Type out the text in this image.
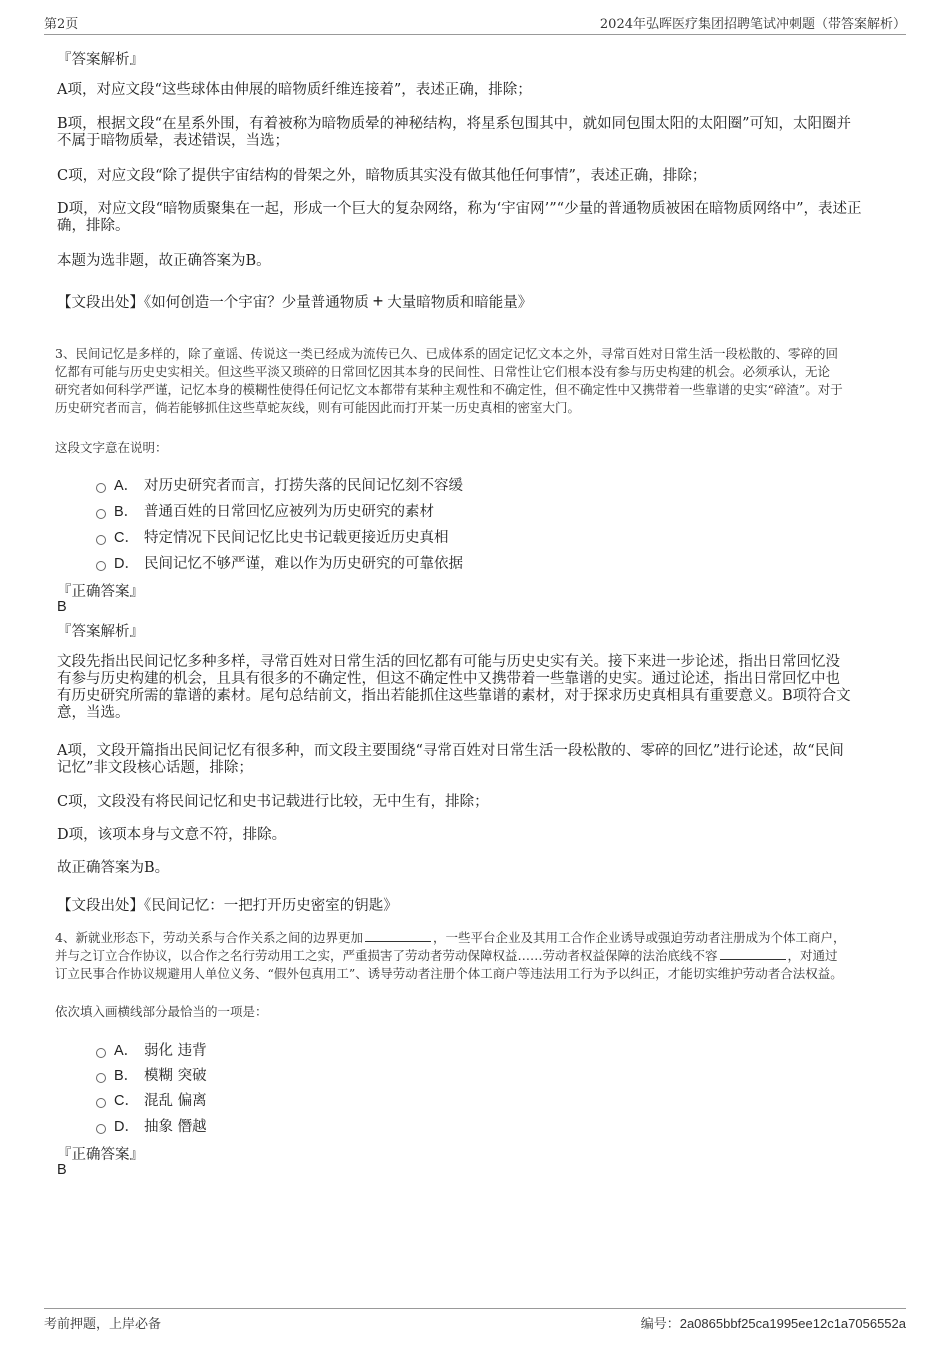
第2页	2024年弘晖医疗集团招聘笔试冲刺题（带答案解析）
『答案解析』
A项，对应文段“这些球体由伸展的暗物质纤维连接着”，表述正确，排除；
B项，根据文段“在星系外围，有着被称为暗物质晕的神秘结构，将星系包围其中，就如同包围太阳的太阳圈”可知，太阳圈并
不属于暗物质晕，表述错误，当选；
C项，对应文段“除了提供宇宙结构的骨架之外，暗物质其实没有做其他任何事情”，表述正确，排除；
D项，对应文段“暗物质聚集在一起，形成一个巨大的复杂网络，称为‘宇宙网’”“少量的普通物质被困在暗物质网络中”，表述正
确，排除。
本题为选非题，故正确答案为B。
【文段出处】《如何创造一个宇宙？少量普通物质 + 大量暗物质和暗能量》
3、民间记忆是多样的，除了童谣、传说这一类已经成为流传已久、已成体系的固定记忆文本之外，寻常百姓对日常生活一段松散的、零碎的回
忆都有可能与历史史实相关。但这些平淡又琐碎的日常回忆因其本身的民间性、日常性让它们根本没有参与历史构建的机会。必须承认，无论
研究者如何科学严谨，记忆本身的模糊性使得任何记忆文本都带有某种主观性和不确定性，但不确定性中又携带着一些靠谱的史实“碎渣”。对于
历史研究者而言，倘若能够抓住这些草蛇灰线，则有可能因此而打开某一历史真相的密室大门。
这段文字意在说明：
A． 对历史研究者而言，打捞失落的民间记忆刻不容缓
B． 普通百姓的日常回忆应被列为历史研究的素材
C． 特定情况下民间记忆比史书记载更接近历史真相
D． 民间记忆不够严谨，难以作为历史研究的可靠依据
『正确答案』
B
『答案解析』
文段先指出民间记忆多种多样，寻常百姓对日常生活的回忆都有可能与历史史实有关。接下来进一步论述，指出日常回忆没
有参与历史构建的机会，且具有很多的不确定性，但这不确定性中又携带着一些靠谱的史实。通过论述，指出日常回忆中也
有历史研究所需的靠谱的素材。尾句总结前文，指出若能抓住这些靠谱的素材，对于探求历史真相具有重要意义。B项符合文
意，当选。
A项，文段开篇指出民间记忆有很多种，而文段主要围绕“寻常百姓对日常生活一段松散的、零碎的回忆”进行论述，故“民间
记忆”非文段核心话题，排除；
C项，文段没有将民间记忆和史书记载进行比较，无中生有，排除；
D项，该项本身与文意不符，排除。
故正确答案为B。
【文段出处】《民间记忆：一把打开历史密室的钥匙》
4、新就业形态下，劳动关系与合作关系之间的边界更加	，一些平台企业及其用工合作企业诱导或强迫劳动者注册成为个体工商户，
并与之订立合作协议，以合作之名行劳动用工之实，严重损害了劳动者劳动保障权益……劳动者权益保障的法治底线不容	，对通过
订立民事合作协议规避用人单位义务、“假外包真用工”、诱导劳动者注册个体工商户等违法用工行为予以纠正，才能切实维护劳动者合法权益。
依次填入画横线部分最恰当的一项是：
A． 弱化 违背
B． 模糊 突破
C． 混乱 偏离
D． 抽象 僭越
『正确答案』
B
考前押题，上岸必备	编号：2a0865bbf25ca1995ee12c1a7056552a
